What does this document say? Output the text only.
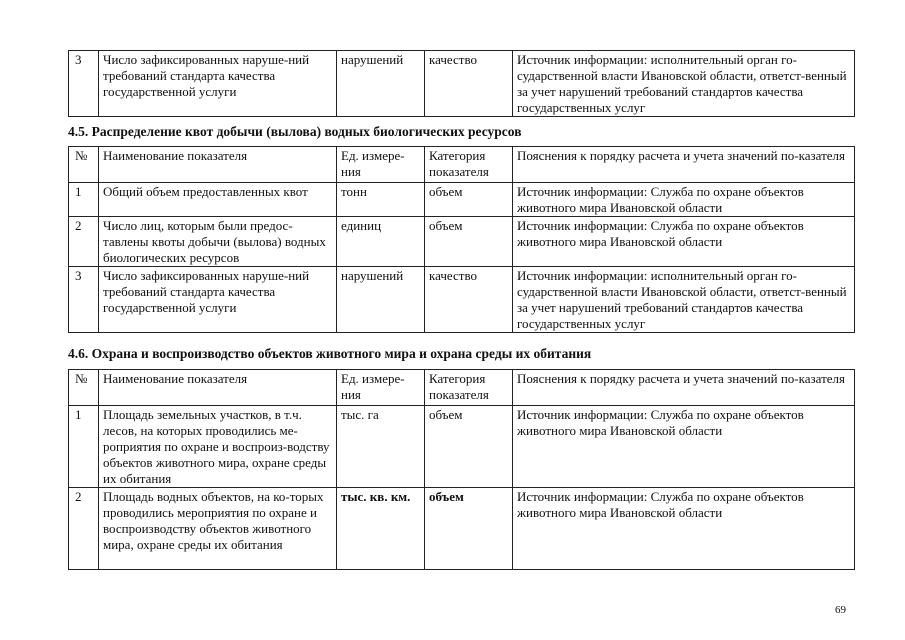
3	Число зафиксированных наруше-ний требований стандарта качества государственной услуги	нарушений	качество	Источник информации: исполнительный орган го-сударственной власти Ивановской области, ответст-венный за учет нарушений требований стандартов качества государственных услуг
4.5. Распределение квот добычи (вылова) водных биологических ресурсов
№	Наименование показателя	Ед. измере-ния	Категория показателя	Пояснения к порядку расчета и учета значений по-казателя
1	Общий объем предоставленных квот	тонн	объем	Источник информации: Служба по охране объектов животного мира Ивановской области
2	Число лиц, которым были предос-тавлены квоты добычи (вылова) водных биологических ресурсов	единиц	объем	Источник информации: Служба по охране объектов животного мира Ивановской области
3	Число зафиксированных наруше-ний требований стандарта качества государственной услуги	нарушений	качество	Источник информации: исполнительный орган го-сударственной власти Ивановской области, ответст-венный за учет нарушений требований стандартов качества государственных услуг
4.6. Охрана и воспроизводство объектов животного мира и охрана среды их обитания
№	Наименование показателя	Ед. измере-ния	Категория показателя	Пояснения к порядку расчета и учета значений по-казателя
1	Площадь земельных участков, в т.ч. лесов, на которых проводились ме-роприятия по охране и воспроиз-водству объектов животного мира, охране среды их обитания	тыс. га	объем	Источник информации: Служба по охране объектов животного мира Ивановской области
2	Площадь водных объектов, на ко-торых проводились мероприятия по охране и воспроизводству объектов животного мира, охране среды их обитания	тыс. кв. км.	объем	Источник информации: Служба по охране объектов животного мира Ивановской области
69
